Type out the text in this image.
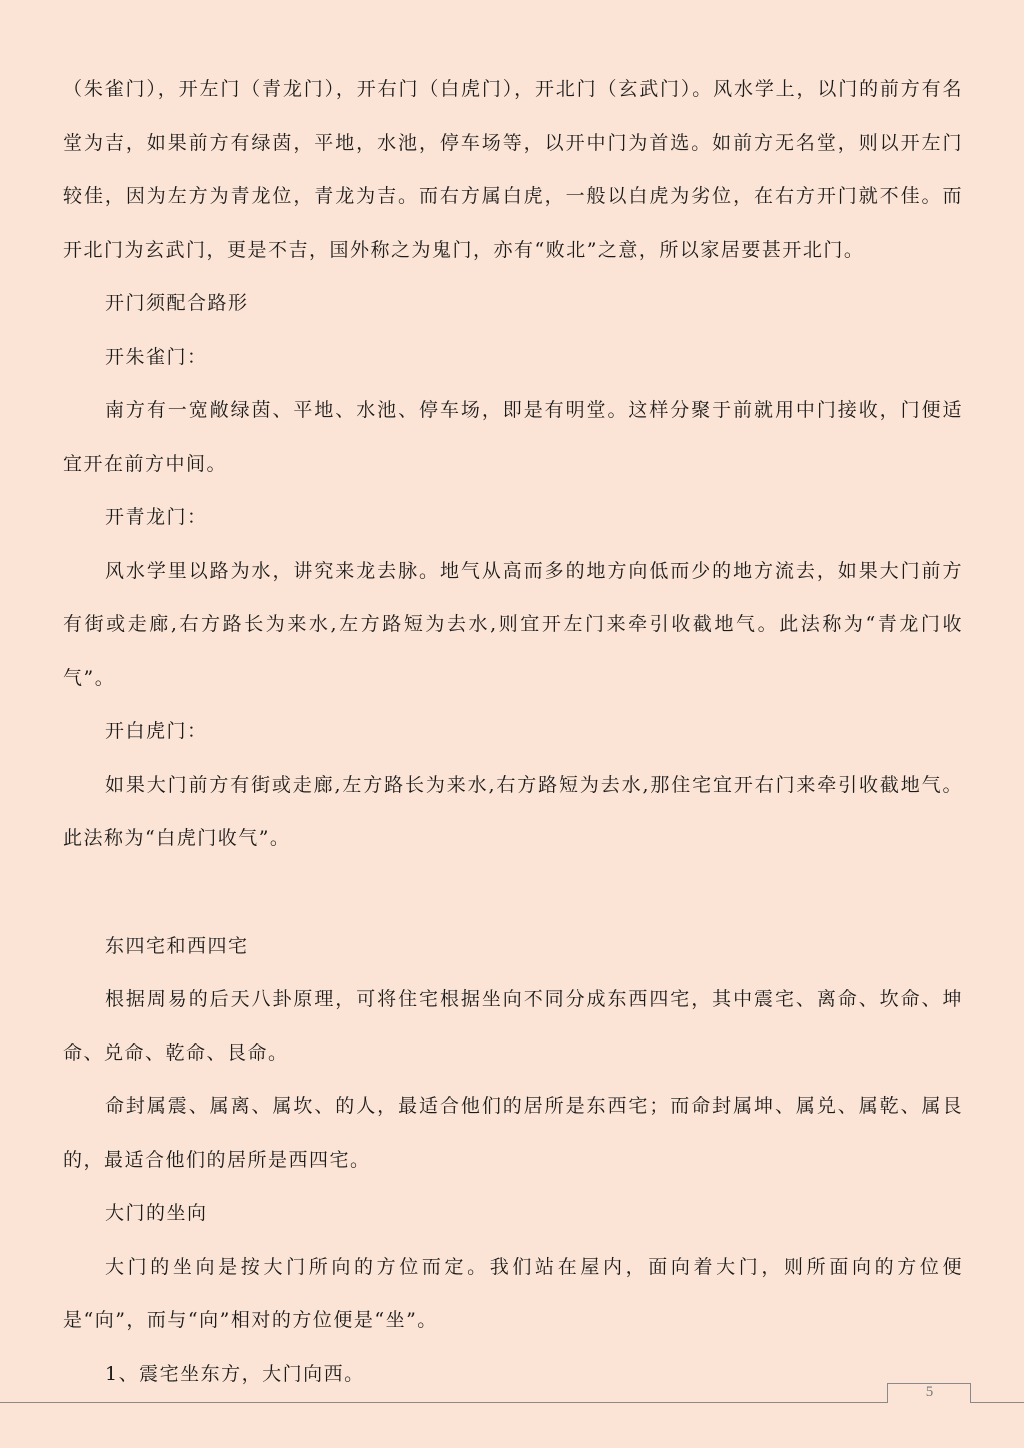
（朱雀门），开左门（青龙门），开右门（白虎门），开北门（玄武门）。风水学上，以门的前方有名堂为吉，如果前方有绿茵，平地，水池，停车场等，以开中门为首选。如前方无名堂，则以开左门较佳，因为左方为青龙位，青龙为吉。而右方属白虎，一般以白虎为劣位，在右方开门就不佳。而开北门为玄武门，更是不吉，国外称之为鬼门，亦有“败北”之意，所以家居要甚开北门。

开门须配合路形

开朱雀门：

南方有一宽敞绿茵、平地、水池、停车场，即是有明堂。这样分聚于前就用中门接收，门便适宜开在前方中间。

开青龙门：

风水学里以路为水，讲究来龙去脉。地气从高而多的地方向低而少的地方流去，如果大门前方有街或走廊,右方路长为来水,左方路短为去水,则宜开左门来牵引收截地气。此法称为“青龙门收气”。

开白虎门：

如果大门前方有街或走廊,左方路长为来水,右方路短为去水,那住宅宜开右门来牵引收截地气。此法称为“白虎门收气”。

东四宅和西四宅

根据周易的后天八卦原理，可将住宅根据坐向不同分成东西四宅，其中震宅、离命、坎命、坤命、兑命、乾命、艮命。

命封属震、属离、属坎、的人，最适合他们的居所是东西宅；而命封属坤、属兑、属乾、属艮的，最适合他们的居所是西四宅。

大门的坐向

大门的坐向是按大门所向的方位而定。我们站在屋内，面向着大门，则所面向的方位便是“向”，而与“向”相对的方位便是“坐”。

1、震宅坐东方，大门向西。

5
